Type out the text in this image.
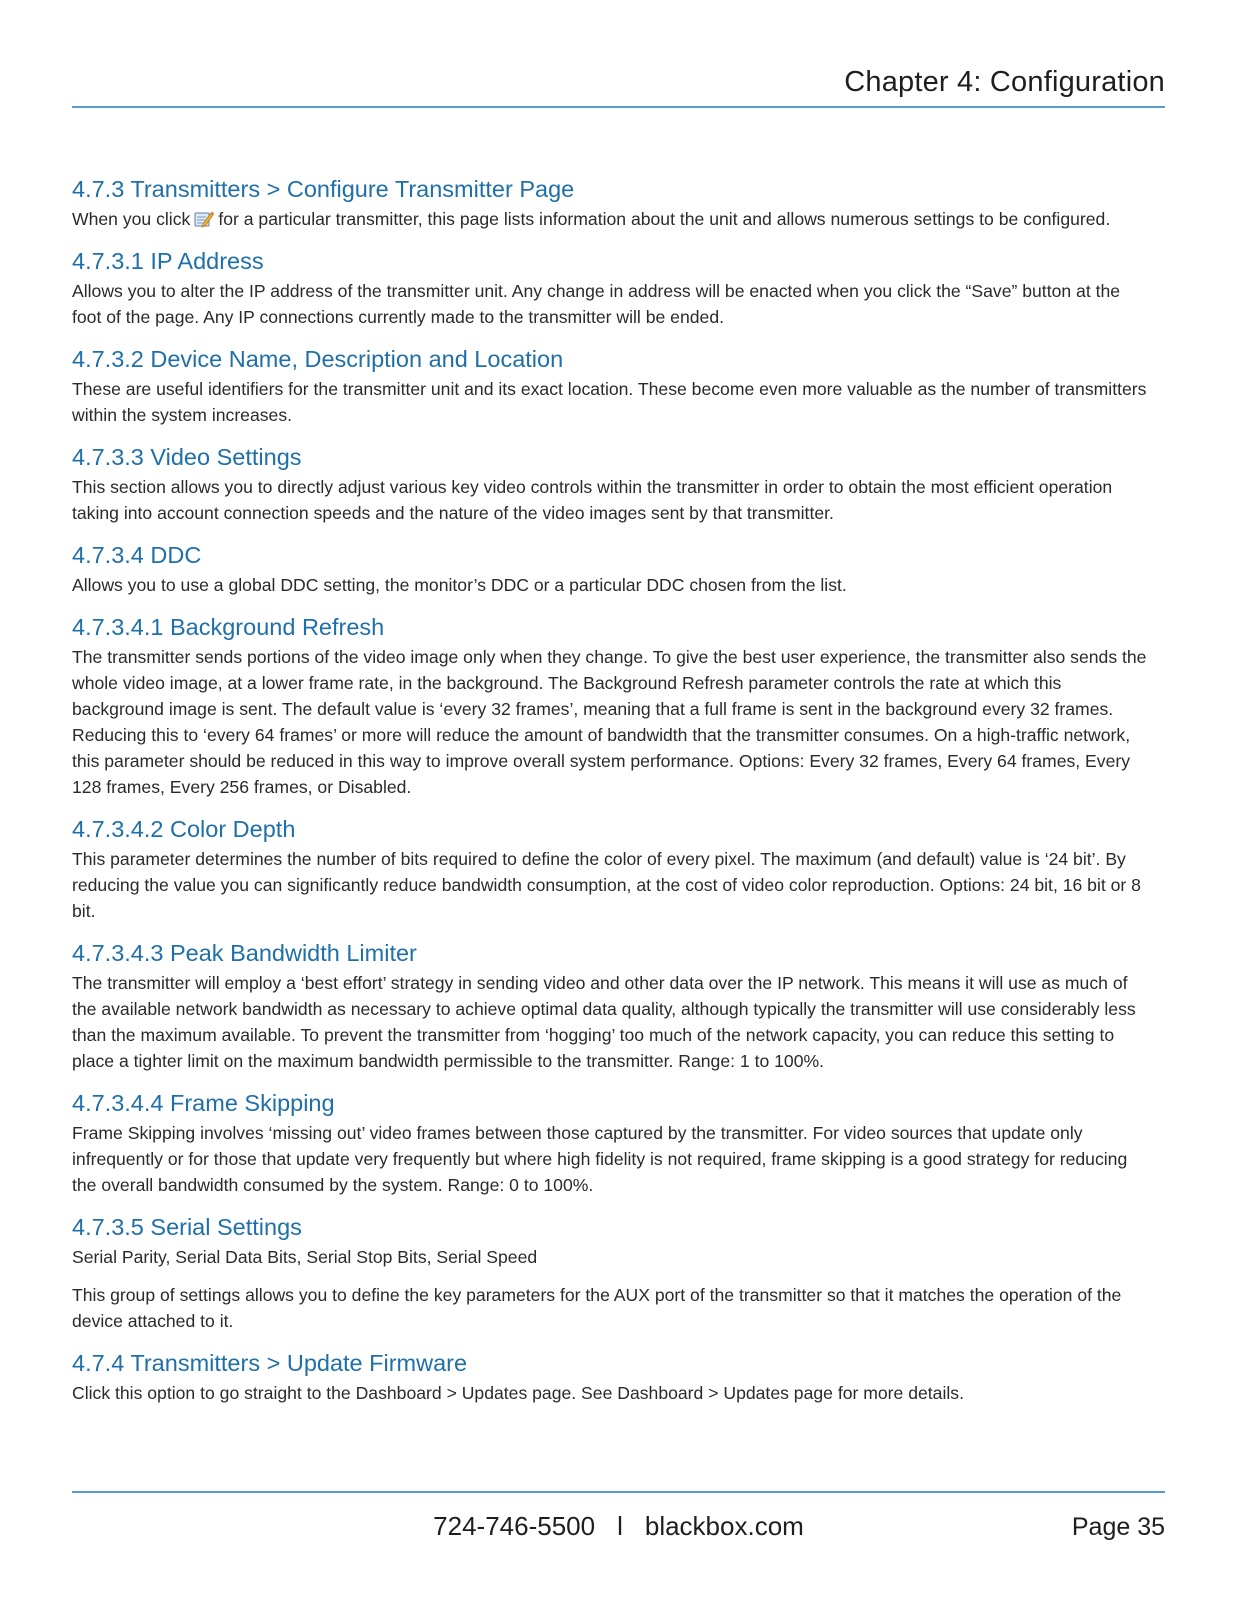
Chapter 4: Configuration
4.7.3 Transmitters > Configure Transmitter Page

When you click for a particular transmitter, this page lists information about the unit and allows numerous settings to be configured.

4.7.3.1 IP Address

Allows you to alter the IP address of the transmitter unit. Any change in address will be enacted when you click the “Save” button at the foot of the page. Any IP connections currently made to the transmitter will be ended.

4.7.3.2 Device Name, Description and Location

These are useful identifiers for the transmitter unit and its exact location. These become even more valuable as the number of transmitters within the system increases.

4.7.3.3 Video Settings

This section allows you to directly adjust various key video controls within the transmitter in order to obtain the most efficient operation taking into account connection speeds and the nature of the video images sent by that transmitter.

4.7.3.4 DDC

Allows you to use a global DDC setting, the monitor’s DDC or a particular DDC chosen from the list.

4.7.3.4.1 Background Refresh

The transmitter sends portions of the video image only when they change. To give the best user experience, the transmitter also sends the whole video image, at a lower frame rate, in the background. The Background Refresh parameter controls the rate at which this background image is sent. The default value is ‘every 32 frames’, meaning that a full frame is sent in the background every 32 frames. Reducing this to ‘every 64 frames’ or more will reduce the amount of bandwidth that the transmitter consumes. On a high-traffic network, this parameter should be reduced in this way to improve overall system performance. Options: Every 32 frames, Every 64 frames, Every 128 frames, Every 256 frames, or Disabled.

4.7.3.4.2 Color Depth

This parameter determines the number of bits required to define the color of every pixel. The maximum (and default) value is ‘24 bit’. By reducing the value you can significantly reduce bandwidth consumption, at the cost of video color reproduction. Options: 24 bit, 16 bit or 8 bit.

4.7.3.4.3 Peak Bandwidth Limiter

The transmitter will employ a ‘best effort’ strategy in sending video and other data over the IP network. This means it will use as much of the available network bandwidth as necessary to achieve optimal data quality, although typically the transmitter will use considerably less than the maximum available. To prevent the transmitter from ‘hogging’ too much of the network capacity, you can reduce this setting to place a tighter limit on the maximum bandwidth permissible to the transmitter. Range: 1 to 100%.

4.7.3.4.4 Frame Skipping

Frame Skipping involves ‘missing out’ video frames between those captured by the transmitter. For video sources that update only infrequently or for those that update very frequently but where high fidelity is not required, frame skipping is a good strategy for reducing the overall bandwidth consumed by the system. Range: 0 to 100%.

4.7.3.5 Serial Settings

Serial Parity, Serial Data Bits, Serial Stop Bits, Serial Speed

This group of settings allows you to define the key parameters for the AUX port of the transmitter so that it matches the operation of the device attached to it.

4.7.4 Transmitters > Update Firmware

Click this option to go straight to the Dashboard > Updates page. See Dashboard > Updates page for more details.

724-746-5500 l blackbox.com	Page 35
